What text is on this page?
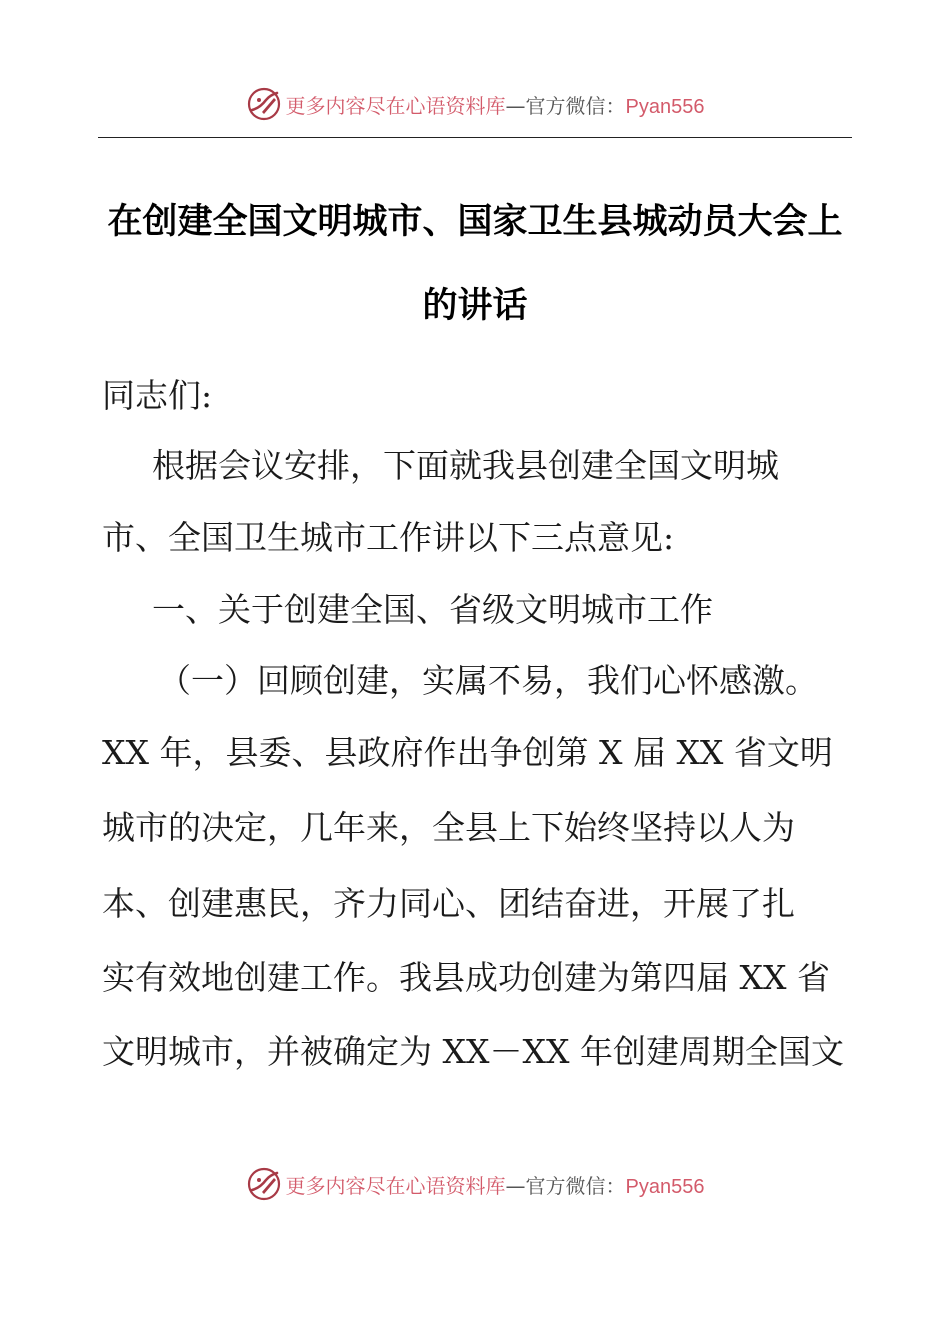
更多内容尽在心语资料库—官方微信：Pyan556
在创建全国文明城市、国家卫生县城动员大会上
的讲话

同志们:

根据会议安排，下面就我县创建全国文明城

市、全国卫生城市工作讲以下三点意见:

一、关于创建全国、省级文明城市工作

（一）回顾创建，实属不易，我们心怀感激。

XX 年，县委、县政府作出争创第 X 届 XX 省文明

城市的决定，几年来，全县上下始终坚持以人为

本、创建惠民，齐力同心、团结奋进，开展了扎

实有效地创建工作。我县成功创建为第四届 XX 省

文明城市，并被确定为 XX－XX 年创建周期全国文

更多内容尽在心语资料库—官方微信：Pyan556
